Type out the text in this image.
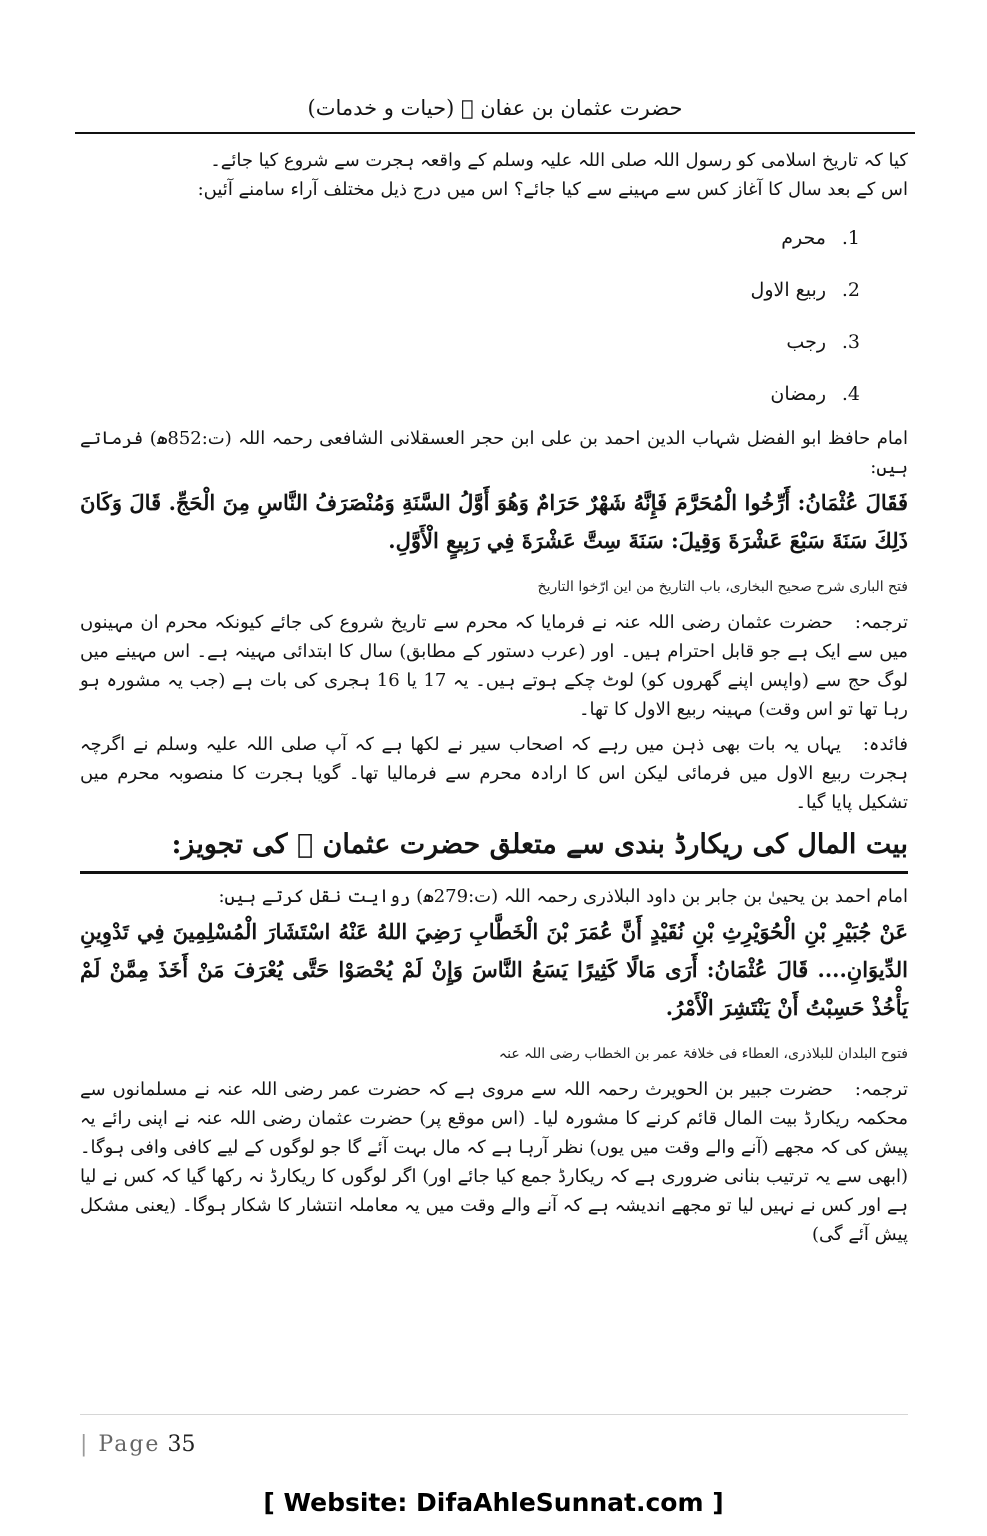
حضرت عثمان بن عفان ﷛ (حیات و خدمات)

کیا کہ تاریخ اسلامی کو رسول اللہ صلی اللہ علیہ وسلم کے واقعہ ہجرت سے شروع کیا جائے۔

اس کے بعد سال کا آغاز کس سے مہینے سے کیا جائے؟ اس میں درج ذیل مختلف آراء سامنے آئیں:

1.محرم
2.ربیع الاول
3.رجب
4.رمضان

امام حافظ ابو الفضل شہاب الدین احمد بن علی ابن حجر العسقلانی الشافعی رحمہ اللہ (ت:852ھ) فرماتے ہیں:

فَقَالَ عُثْمَانُ: أَرِّخُوا الْمُحَرَّمَ فَإِنَّهُ شَهْرٌ حَرَامٌ وَهُوَ أَوَّلُ السَّنَةِ وَمُنْصَرَفُ النَّاسِ مِنَ الْحَجِّ. قَالَ وَكَانَ ذَلِكَ سَنَةَ سَبْعَ عَشْرَةَ وَقِيلَ: سَنَةَ سِتَّ عَشْرَةَ فِي رَبِيعٍ الْأَوَّلِ.

فتح الباری شرح صحیح البخاری، باب التاریخ من این ارّخوا التاریخ

ترجمہ:حضرت عثمان رضی اللہ عنہ نے فرمایا کہ محرم سے تاریخ شروع کی جائے کیونکہ محرم ان مہینوں میں سے ایک ہے جو قابل احترام ہیں۔ اور (عرب دستور کے مطابق) سال کا ابتدائی مہینہ ہے۔ اس مہینے میں لوگ حج سے (واپس اپنے گھروں کو) لوٹ چکے ہوتے ہیں۔ یہ 17 یا 16 ہجری کی بات ہے (جب یہ مشورہ ہو رہا تھا تو اس وقت) مہینہ ربیع الاول کا تھا۔

فائدہ:یہاں یہ بات بھی ذہن میں رہے کہ اصحاب سیر نے لکھا ہے کہ آپ صلی اللہ علیہ وسلم نے اگرچہ ہجرت ربیع الاول میں فرمائی لیکن اس کا ارادہ محرم سے فرمالیا تھا۔ گویا ہجرت کا منصوبہ محرم میں تشکیل پایا گیا۔

بیت المال کی ریکارڈ بندی سے متعلق حضرت عثمان ﷛ کی تجویز:

امام احمد بن یحییٰ بن جابر بن داود البلاذری رحمہ اللہ (ت:279ھ) روایت نقل کرتے ہیں:

عَنْ جُبَيْرِ بْنِ الْحُوَيْرِثِ بْنِ نُقَيْدٍ أَنَّ عُمَرَ بْنَ الْخَطَّابِ رَضِيَ اللهُ عَنْهُ اسْتَشَارَ الْمُسْلِمِينَ فِي تَدْوِينِ الدِّيوَانِ.... قَالَ عُثْمَانُ: أَرَى مَالًا كَثِيرًا يَسَعُ النَّاسَ وَإِنْ لَمْ يُحْصَوْا حَتَّى يُعْرَفَ مَنْ أَخَذَ مِمَّنْ لَمْ يَأْخُذْ حَسِبْتُ أَنْ يَنْتَشِرَ الْأَمْرُ.

فتوح البلدان للبلاذری، العطاء فی خلافۃ عمر بن الخطاب رضی اللہ عنہ

ترجمہ:حضرت جبیر بن الحویرث رحمہ اللہ سے مروی ہے کہ حضرت عمر رضی اللہ عنہ نے مسلمانوں سے محکمہ ریکارڈ بیت المال قائم کرنے کا مشورہ لیا۔ (اس موقع پر) حضرت عثمان رضی اللہ عنہ نے اپنی رائے یہ پیش کی کہ مجھے (آنے والے وقت میں یوں) نظر آرہا ہے کہ مال بہت آئے گا جو لوگوں کے لیے کافی وافی ہوگا۔ (ابھی سے یہ ترتیب بنانی ضروری ہے کہ ریکارڈ جمع کیا جائے اور) اگر لوگوں کا ریکارڈ نہ رکھا گیا کہ کس نے لیا ہے اور کس نے نہیں لیا تو مجھے اندیشہ ہے کہ آنے والے وقت میں یہ معاملہ انتشار کا شکار ہوگا۔ (یعنی مشکل پیش آئے گی)

| Page 35
[ Website: DifaAhleSunnat.com ]
